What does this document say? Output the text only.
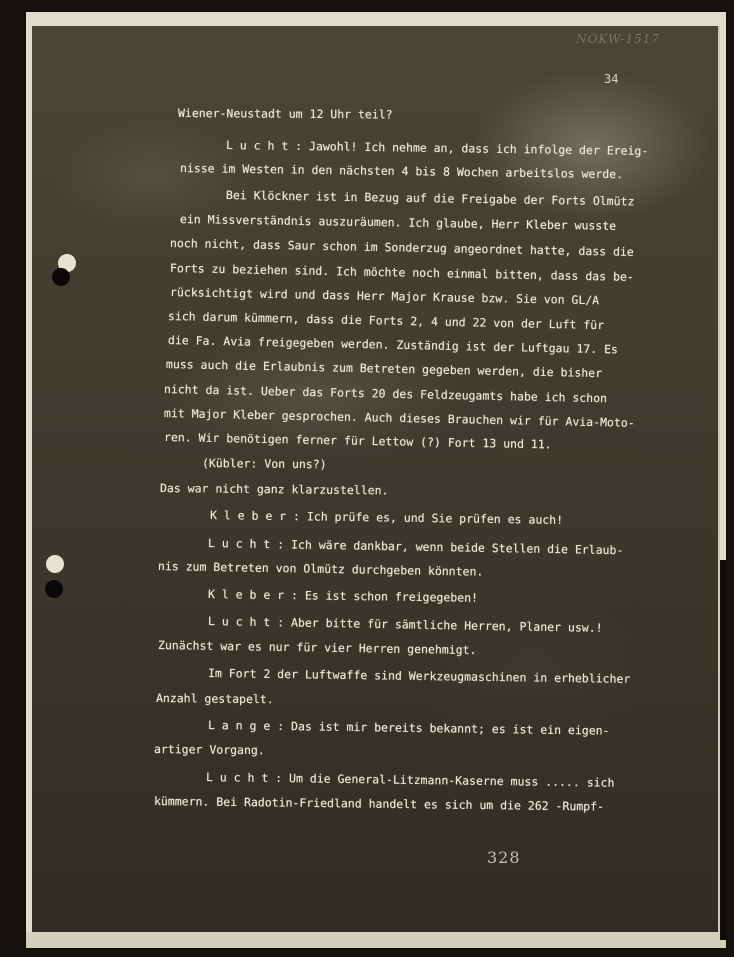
NOKW-1517
34
Wiener-Neustadt um 12 Uhr teil?
L u c h t : Jawohl! Ich nehme an, dass ich infolge der Ereig-
nisse im Westen in den nächsten 4 bis 8 Wochen arbeitslos werde.
Bei Klöckner ist in Bezug auf die Freigabe der Forts Olmütz
ein Missverständnis auszuräumen. Ich glaube, Herr Kleber wusste
noch nicht, dass Saur schon im Sonderzug angeordnet hatte, dass die
Forts zu beziehen sind. Ich möchte noch einmal bitten, dass das be-
rücksichtigt wird und dass Herr Major Krause bzw. Sie von GL/A
sich darum kümmern, dass die Forts 2, 4 und 22 von der Luft für
die Fa. Avia freigegeben werden. Zuständig ist der Luftgau 17. Es
muss auch die Erlaubnis zum Betreten gegeben werden, die bisher
nicht da ist. Ueber das Forts 20 des Feldzeugamts habe ich schon
mit Major Kleber gesprochen. Auch dieses Brauchen wir für Avia-Moto-
ren. Wir benötigen ferner für Lettow (?) Fort 13 und 11.
(Kübler: Von uns?)
Das war nicht ganz klarzustellen.
K l e b e r : Ich prüfe es, und Sie prüfen es auch!
L u c h t : Ich wäre dankbar, wenn beide Stellen die Erlaub-
nis zum Betreten von Olmütz durchgeben könnten.
K l e b e r : Es ist schon freigegeben!
L u c h t : Aber bitte für sämtliche Herren, Planer usw.!
Zunächst war es nur für vier Herren genehmigt.
Im Fort 2 der Luftwaffe sind Werkzeugmaschinen in erheblicher
Anzahl gestapelt.
L a n g e : Das ist mir bereits bekannt; es ist ein eigen-
artiger Vorgang.
L u c h t : Um die General-Litzmann-Kaserne muss ..... sich
kümmern. Bei Radotin-Friedland handelt es sich um die 262 -Rumpf-
328
